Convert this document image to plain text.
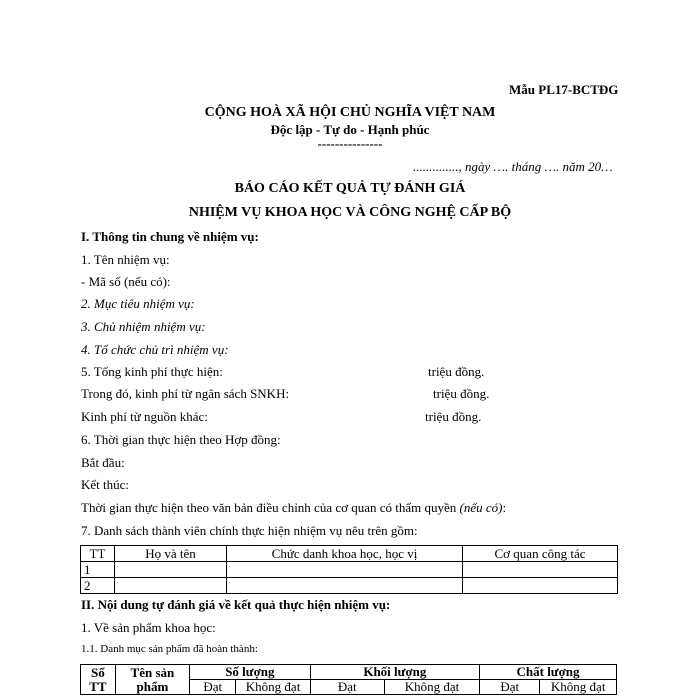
Mẫu PL17-BCTĐG
CỘNG HOÀ XÃ HỘI CHỦ NGHĨA VIỆT NAM
Độc lập - Tự do - Hạnh phúc
---------------
.............., ngày …. tháng …. năm 20…
BÁO CÁO KẾT QUẢ TỰ ĐÁNH GIÁ
NHIỆM VỤ KHOA HỌC VÀ CÔNG NGHỆ CẤP BỘ
I. Thông tin chung về nhiệm vụ:
1. Tên nhiệm vụ:
- Mã số (nếu có):
2. Mục tiêu nhiệm vụ:
3. Chủ nhiệm nhiệm vụ:
4. Tổ chức chủ trì nhiệm vụ:
5. Tổng kinh phí thực hiện:	triệu đồng.
Trong đó, kinh phí từ ngân sách SNKH:	triệu đồng.
Kinh phí từ nguồn khác:	triệu đồng.
6. Thời gian thực hiện theo Hợp đồng:
Bắt đầu:
Kết thúc:
Thời gian thực hiện theo văn bản điều chỉnh của cơ quan có thẩm quyền (nếu có):
7. Danh sách thành viên chính thực hiện nhiệm vụ nêu trên gồm:
TT	Họ và tên	Chức danh khoa học, học vị	Cơ quan công tác
1			
2			
II. Nội dung tự đánh giá về kết quả thực hiện nhiệm vụ:
1. Về sản phẩm khoa học:
1.1. Danh mục sản phẩm đã hoàn thành:
Số TT	Tên sản phẩm	Số lượng		Khối lượng		Chất lượng	
		Đạt	Không đạt	Đạt	Không đạt	Đạt	Không đạt
